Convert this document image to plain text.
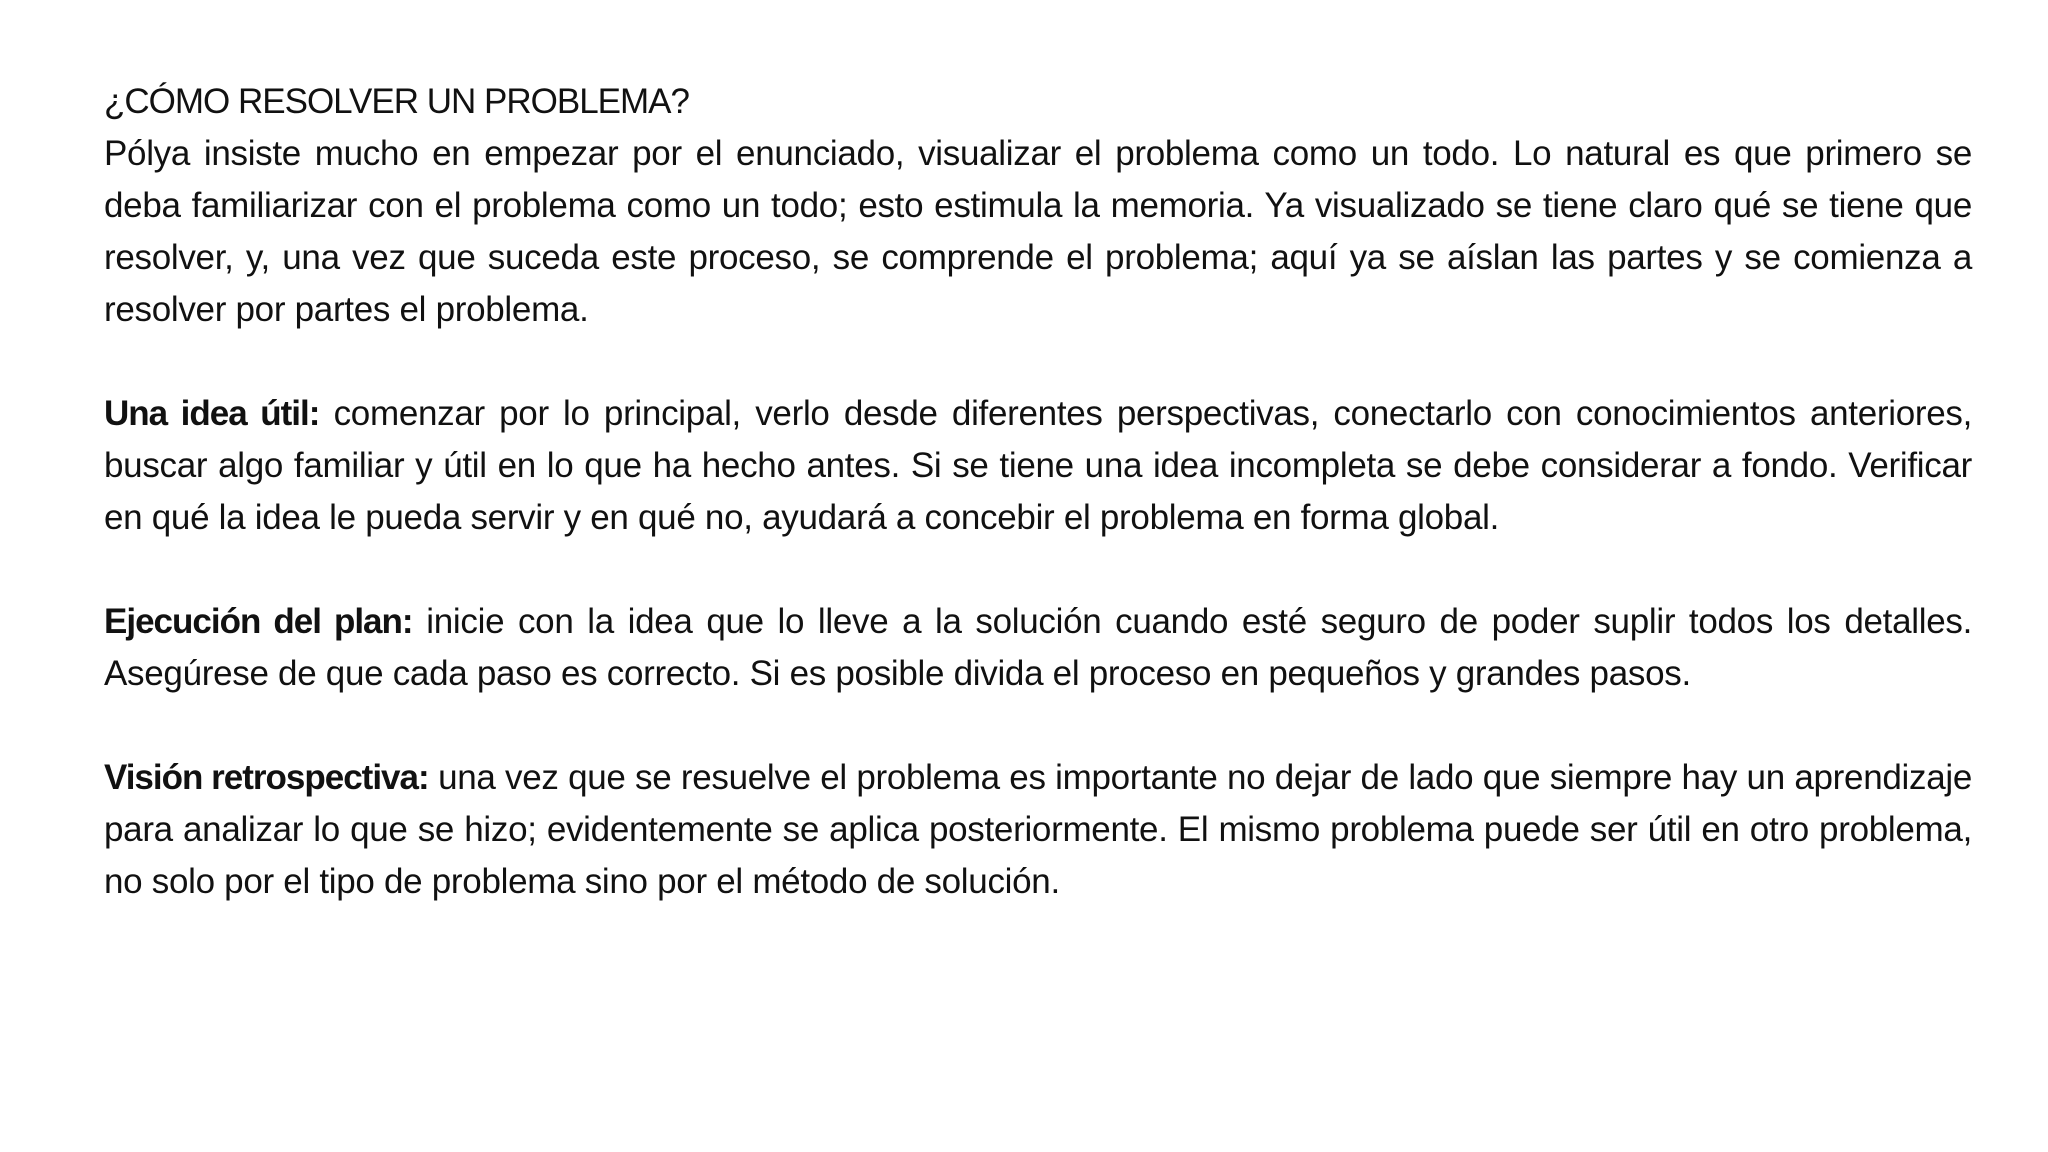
¿CÓMO RESOLVER UN PROBLEMA?

Pólya insiste mucho en empezar por el enunciado, visualizar el problema como un todo. Lo natural es que primero se deba familiarizar con el problema como un todo; esto estimula la memoria. Ya visualizado se tiene claro qué se tiene que resolver, y, una vez que suceda este proceso, se comprende el problema; aquí ya se aíslan las partes y se comienza a resolver por partes el problema.

Una idea útil: comenzar por lo principal, verlo desde diferentes perspectivas, conectarlo con conocimientos anteriores, buscar algo familiar y útil en lo que ha hecho antes. Si se tiene una idea incompleta se debe considerar a fondo. Verificar en qué la idea le pueda servir y en qué no, ayudará a concebir el problema en forma global.

Ejecución del plan: inicie con la idea que lo lleve a la solución cuando esté seguro de poder suplir todos los detalles. Asegúrese de que cada paso es correcto. Si es posible divida el proceso en pequeños y grandes pasos.

Visión retrospectiva: una vez que se resuelve el problema es importante no dejar de lado que siempre hay un aprendizaje para analizar lo que se hizo; evidentemente se aplica posteriormente. El mismo problema puede ser útil en otro problema, no solo por el tipo de problema sino por el método de solución.
